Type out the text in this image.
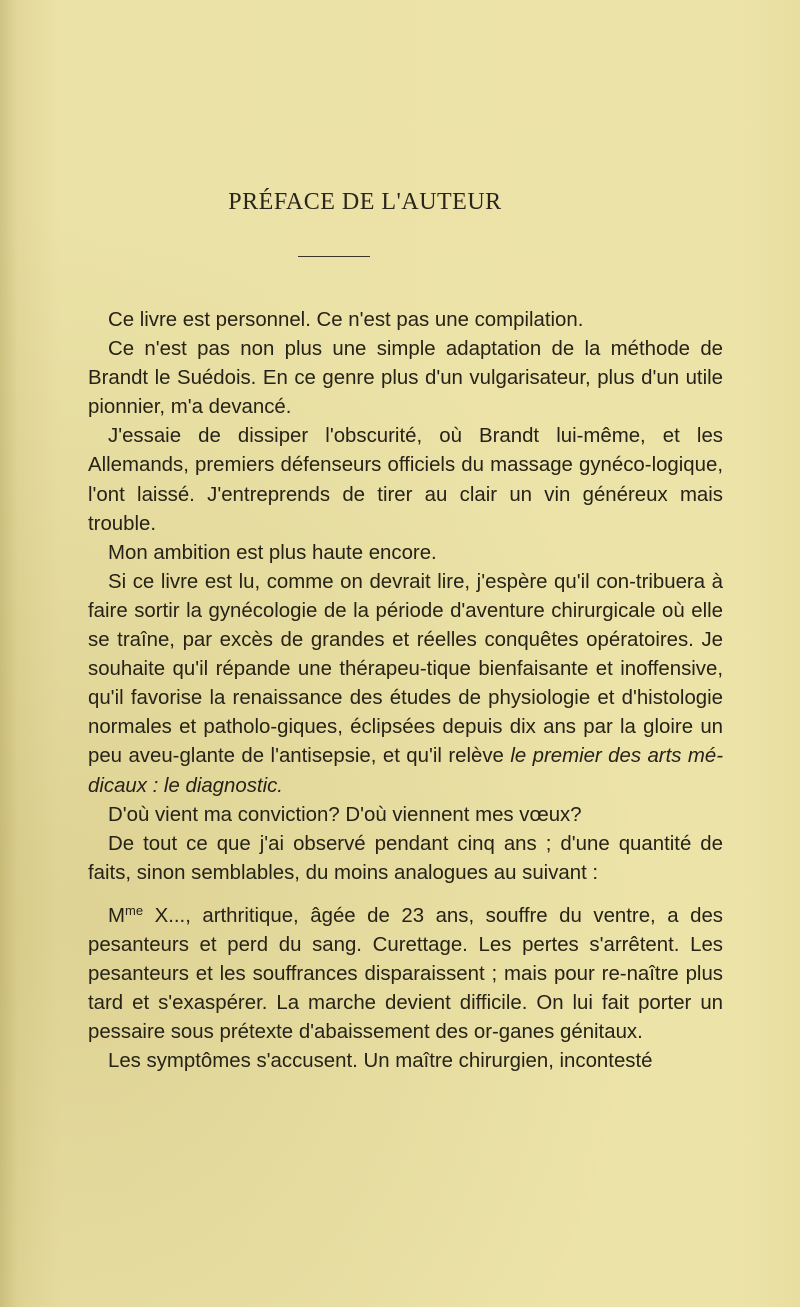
PRÉFACE DE L'AUTEUR

Ce livre est personnel. Ce n'est pas une compilation.

Ce n'est pas non plus une simple adaptation de la méthode de Brandt le Suédois. En ce genre plus d'un vulgarisateur, plus d'un utile pionnier, m'a devancé.

J'essaie de dissiper l'obscurité, où Brandt lui-même, et les Allemands, premiers défenseurs officiels du massage gynéco-logique, l'ont laissé. J'entreprends de tirer au clair un vin généreux mais trouble.

Mon ambition est plus haute encore.

Si ce livre est lu, comme on devrait lire, j'espère qu'il con-tribuera à faire sortir la gynécologie de la période d'aventure chirurgicale où elle se traîne, par excès de grandes et réelles conquêtes opératoires. Je souhaite qu'il répande une thérapeu-tique bienfaisante et inoffensive, qu'il favorise la renaissance des études de physiologie et d'histologie normales et patholo-giques, éclipsées depuis dix ans par la gloire un peu aveu-glante de l'antisepsie, et qu'il relève le premier des arts mé-dicaux : le diagnostic.

D'où vient ma conviction? D'où viennent mes vœux?

De tout ce que j'ai observé pendant cinq ans ; d'une quantité de faits, sinon semblables, du moins analogues au suivant :

$M^{me}$ X..., arthritique, âgée de 23 ans, souffre du ventre, a des pesanteurs et perd du sang. Curettage. Les pertes s'arrêtent. Les pesanteurs et les souffrances disparaissent ; mais pour re-naître plus tard et s'exaspérer. La marche devient difficile. On lui fait porter un pessaire sous prétexte d'abaissement des or-ganes génitaux.

Les symptômes s'accusent. Un maître chirurgien, incontesté
